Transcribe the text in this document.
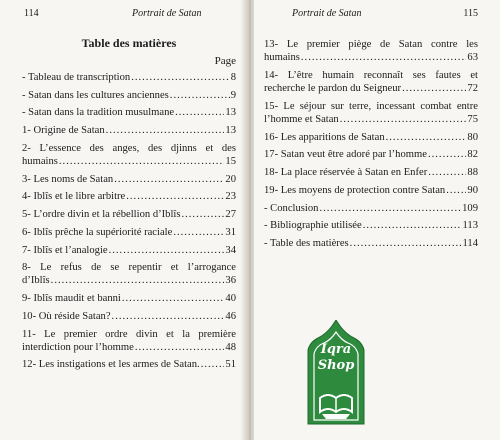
114	Portrait de Satan
Table des matières
Page
- Tableau de transcription .....	8
- Satan dans les cultures anciennes .....	9
- Satan dans la tradition musulmane .....	13
1- Origine de Satan .....	13
2- L’essence des anges, des djinns et des
humains .....	15
3- Les noms de Satan .....	20
4- Iblîs et le libre arbitre .....	23
5- L’ordre divin et la rébellion d’Iblîs .....	27
6- Iblîs prêche la supériorité raciale .....	31
7- Iblîs et l’analogie .....	34
8- Le refus de se repentir et l’arrogance
d’Iblîs .....	36
9- Iblîs maudit et banni .....	40
10- Où réside Satan? .....	46
11- Le premier ordre divin et la première
interdiction pour l’homme .....	48
12- Les instigations et les armes de Satan. ..... 51
Portrait de Satan	115
13- Le premier piège de Satan contre les
humains .....	63
14- L’être humain reconnaît ses fautes et
recherche le pardon du Seigneur .....	72
15- Le séjour sur terre, incessant combat entre
l’homme et Satan .....	75
16- Les apparitions de Satan .....	80
17- Satan veut être adoré par l’homme .....	82
18- La place réservée à Satan en Enfer .....	88
19- Les moyens de protection contre Satan ..... 90
- Conclusion .....	109
- Bibliographie utilisée .....	113
- Table des matières .....	114
Iqra
Shop
